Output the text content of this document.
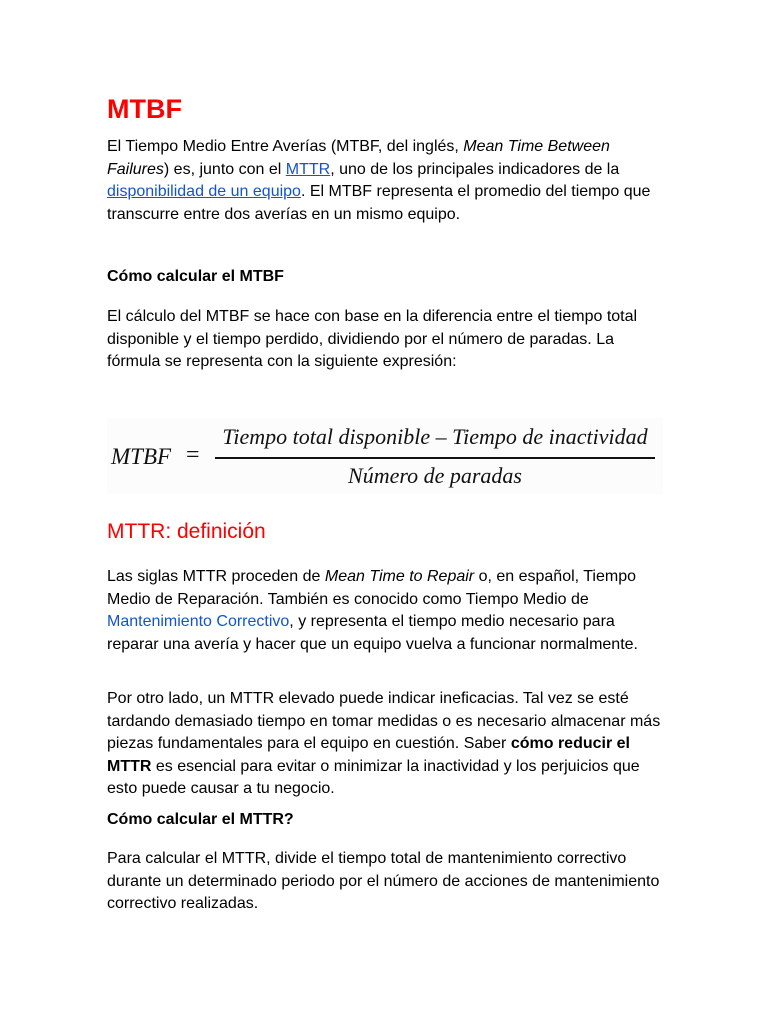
MTBF

El Tiempo Medio Entre Averías (MTBF, del inglés, Mean Time Between Failures) es, junto con el MTTR, uno de los principales indicadores de la disponibilidad de un equipo. El MTBF representa el promedio del tiempo que transcurre entre dos averías en un mismo equipo.

Cómo calcular el MTBF

El cálculo del MTBF se hace con base en la diferencia entre el tiempo total disponible y el tiempo perdido, dividiendo por el número de paradas. La fórmula se representa con la siguiente expresión:

MTBF =
Tiempo total disponible – Tiempo de inactividad
Número de paradas
MTTR: definición

Las siglas MTTR proceden de Mean Time to Repair o, en español, Tiempo Medio de Reparación. También es conocido como Tiempo Medio de Mantenimiento Correctivo, y representa el tiempo medio necesario para reparar una avería y hacer que un equipo vuelva a funcionar normalmente.

Por otro lado, un MTTR elevado puede indicar ineficacias. Tal vez se esté tardando demasiado tiempo en tomar medidas o es necesario almacenar más piezas fundamentales para el equipo en cuestión. Saber cómo reducir el MTTR es esencial para evitar o minimizar la inactividad y los perjuicios que esto puede causar a tu negocio.

Cómo calcular el MTTR?

Para calcular el MTTR, divide el tiempo total de mantenimiento correctivo durante un determinado periodo por el número de acciones de mantenimiento correctivo realizadas.
